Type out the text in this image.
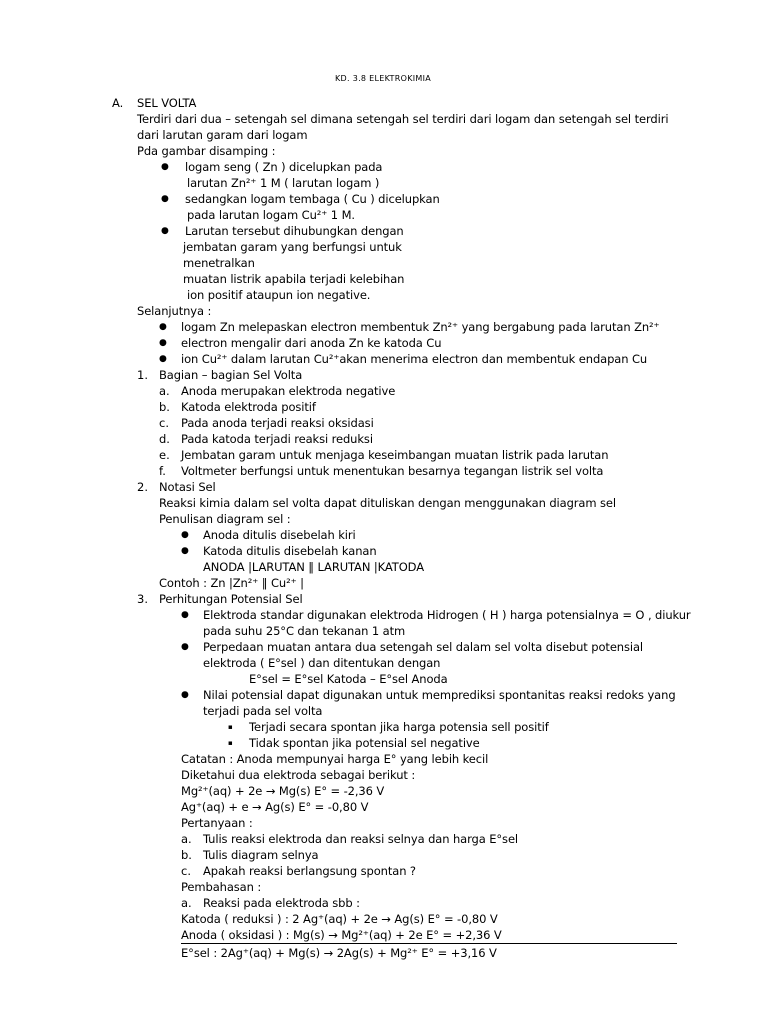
KD. 3.8 ELEKTROKIMIA
A. SEL VOLTA
Terdiri dari dua – setengah sel dimana setengah sel terdiri dari logam dan setengah sel terdiri
dari larutan garam dari logam
Pda gambar disamping :
● logam seng ( Zn ) dicelupkan pada
larutan Zn²⁺ 1 M ( larutan logam )
● sedangkan logam tembaga ( Cu ) dicelupkan
pada larutan logam Cu²⁺ 1 M.
● Larutan tersebut dihubungkan dengan
jembatan garam yang berfungsi untuk
menetralkan
muatan listrik apabila terjadi kelebihan
ion positif ataupun ion negative.
Selanjutnya :
● logam Zn melepaskan electron membentuk Zn²⁺ yang bergabung pada larutan Zn²⁺
● electron mengalir dari anoda Zn ke katoda Cu
● ion Cu²⁺ dalam larutan Cu²⁺akan menerima electron dan membentuk endapan Cu
1. Bagian – bagian Sel Volta
a. Anoda merupakan elektroda negative
b. Katoda elektroda positif
c. Pada anoda terjadi reaksi oksidasi
d. Pada katoda terjadi reaksi reduksi
e. Jembatan garam untuk menjaga keseimbangan muatan listrik pada larutan
f. Voltmeter berfungsi untuk menentukan besarnya tegangan listrik sel volta
2. Notasi Sel
Reaksi kimia dalam sel volta dapat dituliskan dengan menggunakan diagram sel
Penulisan diagram sel :
● Anoda ditulis disebelah kiri
● Katoda ditulis disebelah kanan
ANODA |LARUTAN ‖ LARUTAN |KATODA
Contoh : Zn |Zn²⁺ ‖ Cu²⁺ |
3. Perhitungan Potensial Sel
● Elektroda standar digunakan elektroda Hidrogen ( H ) harga potensialnya = O , diukur
pada suhu 25°C dan tekanan 1 atm
● Perpedaan muatan antara dua setengah sel dalam sel volta disebut potensial
elektroda ( E°sel ) dan ditentukan dengan
E°sel = E°sel Katoda – E°sel Anoda
● Nilai potensial dapat digunakan untuk memprediksi spontanitas reaksi redoks yang
terjadi pada sel volta
▪ Terjadi secara spontan jika harga potensia sell positif
▪ Tidak spontan jika potensial sel negative
Catatan : Anoda mempunyai harga E° yang lebih kecil
Diketahui dua elektroda sebagai berikut :
Mg²⁺(aq) + 2e → Mg(s) E° = -2,36 V
Ag⁺(aq) + e → Ag(s) E° = -0,80 V
Pertanyaan :
a. Tulis reaksi elektroda dan reaksi selnya dan harga E°sel
b. Tulis diagram selnya
c. Apakah reaksi berlangsung spontan ?
Pembahasan :
a. Reaksi pada elektroda sbb :
Katoda ( reduksi ) : 2 Ag⁺(aq) + 2e → Ag(s) E° = -0,80 V
Anoda ( oksidasi ) : Mg(s) → Mg²⁺(aq) + 2e E° = +2,36 V
E°sel : 2Ag⁺(aq) + Mg(s) → 2Ag(s) + Mg²⁺ E° = +3,16 V
